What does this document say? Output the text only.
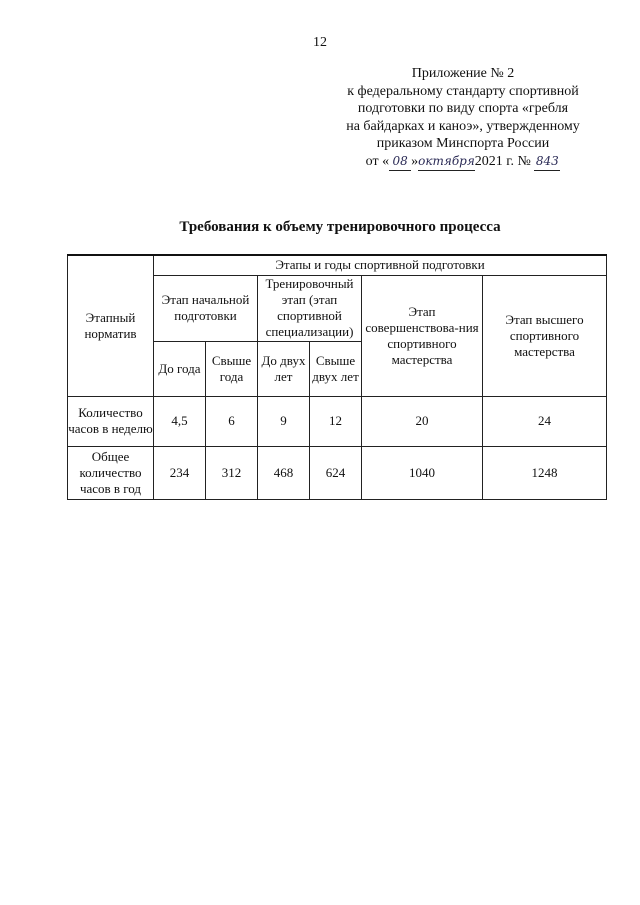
12
Приложение № 2
к федеральному стандарту спортивной
подготовки по виду спорта «гребля
на байдарках и каноэ», утвержденному
приказом Минспорта России
от « 08 »октября2021 г. № 843
Требования к объему тренировочного процесса
Этапный норматив	Этапы и годы спортивной подготовки					
	Этап начальной подготовки		Тренировочный этап (этап спортивной специализации)		Этап совершенствова-ния спортивного мастерства	Этап высшего спортивного мастерства
	До года	Свыше года	До двух лет	Свыше двух лет		
Количество часов в неделю	4,5	6	9	12	20	24
Общее количество часов в год	234	312	468	624	1040	1248
